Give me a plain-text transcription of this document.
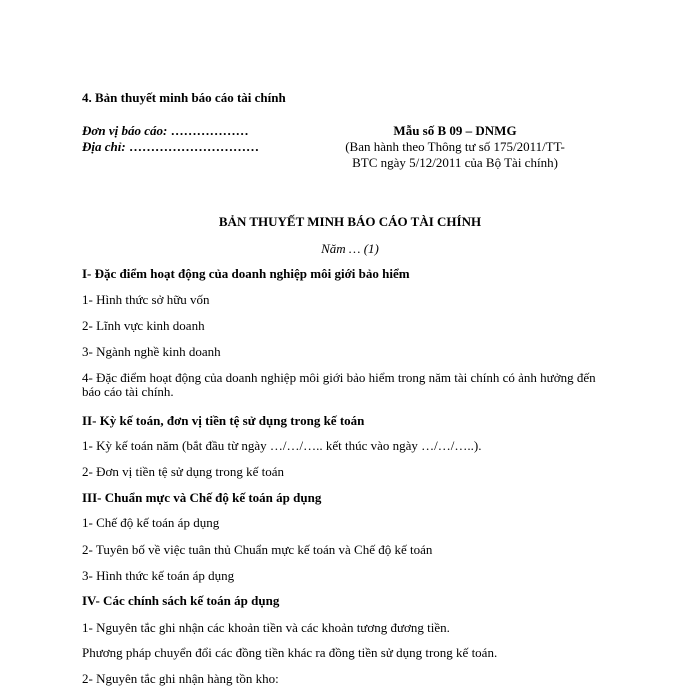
4. Bản thuyết minh báo cáo tài chính
Đơn vị báo cáo: ………………
Địa chỉ: …………………………
Mẫu số B 09 – DNMG
(Ban hành theo Thông tư số 175/2011/TT-
BTC ngày 5/12/2011 của Bộ Tài chính)
BẢN THUYẾT MINH BÁO CÁO TÀI CHÍNH
Năm … (1)
I- Đặc điểm hoạt động của doanh nghiệp môi giới bảo hiểm
1- Hình thức sở hữu vốn
2- Lĩnh vực kinh doanh
3- Ngành nghề kinh doanh
4- Đặc điểm hoạt động của doanh nghiệp môi giới bảo hiểm trong năm tài chính có ảnh hưởng đến báo cáo tài chính.
II- Kỳ kế toán, đơn vị tiền tệ sử dụng trong kế toán
1- Kỳ kế toán năm (bắt đầu từ ngày …/…/….. kết thúc vào ngày …/…/…..).
2- Đơn vị tiền tệ sử dụng trong kế toán
III- Chuẩn mực và Chế độ kế toán áp dụng
1- Chế độ kế toán áp dụng
2- Tuyên bố về việc tuân thủ Chuẩn mực kế toán và Chế độ kế toán
3- Hình thức kế toán áp dụng
IV- Các chính sách kế toán áp dụng
1- Nguyên tắc ghi nhận các khoản tiền và các khoản tương đương tiền.
Phương pháp chuyển đổi các đồng tiền khác ra đồng tiền sử dụng trong kế toán.
2- Nguyên tắc ghi nhận hàng tồn kho:
